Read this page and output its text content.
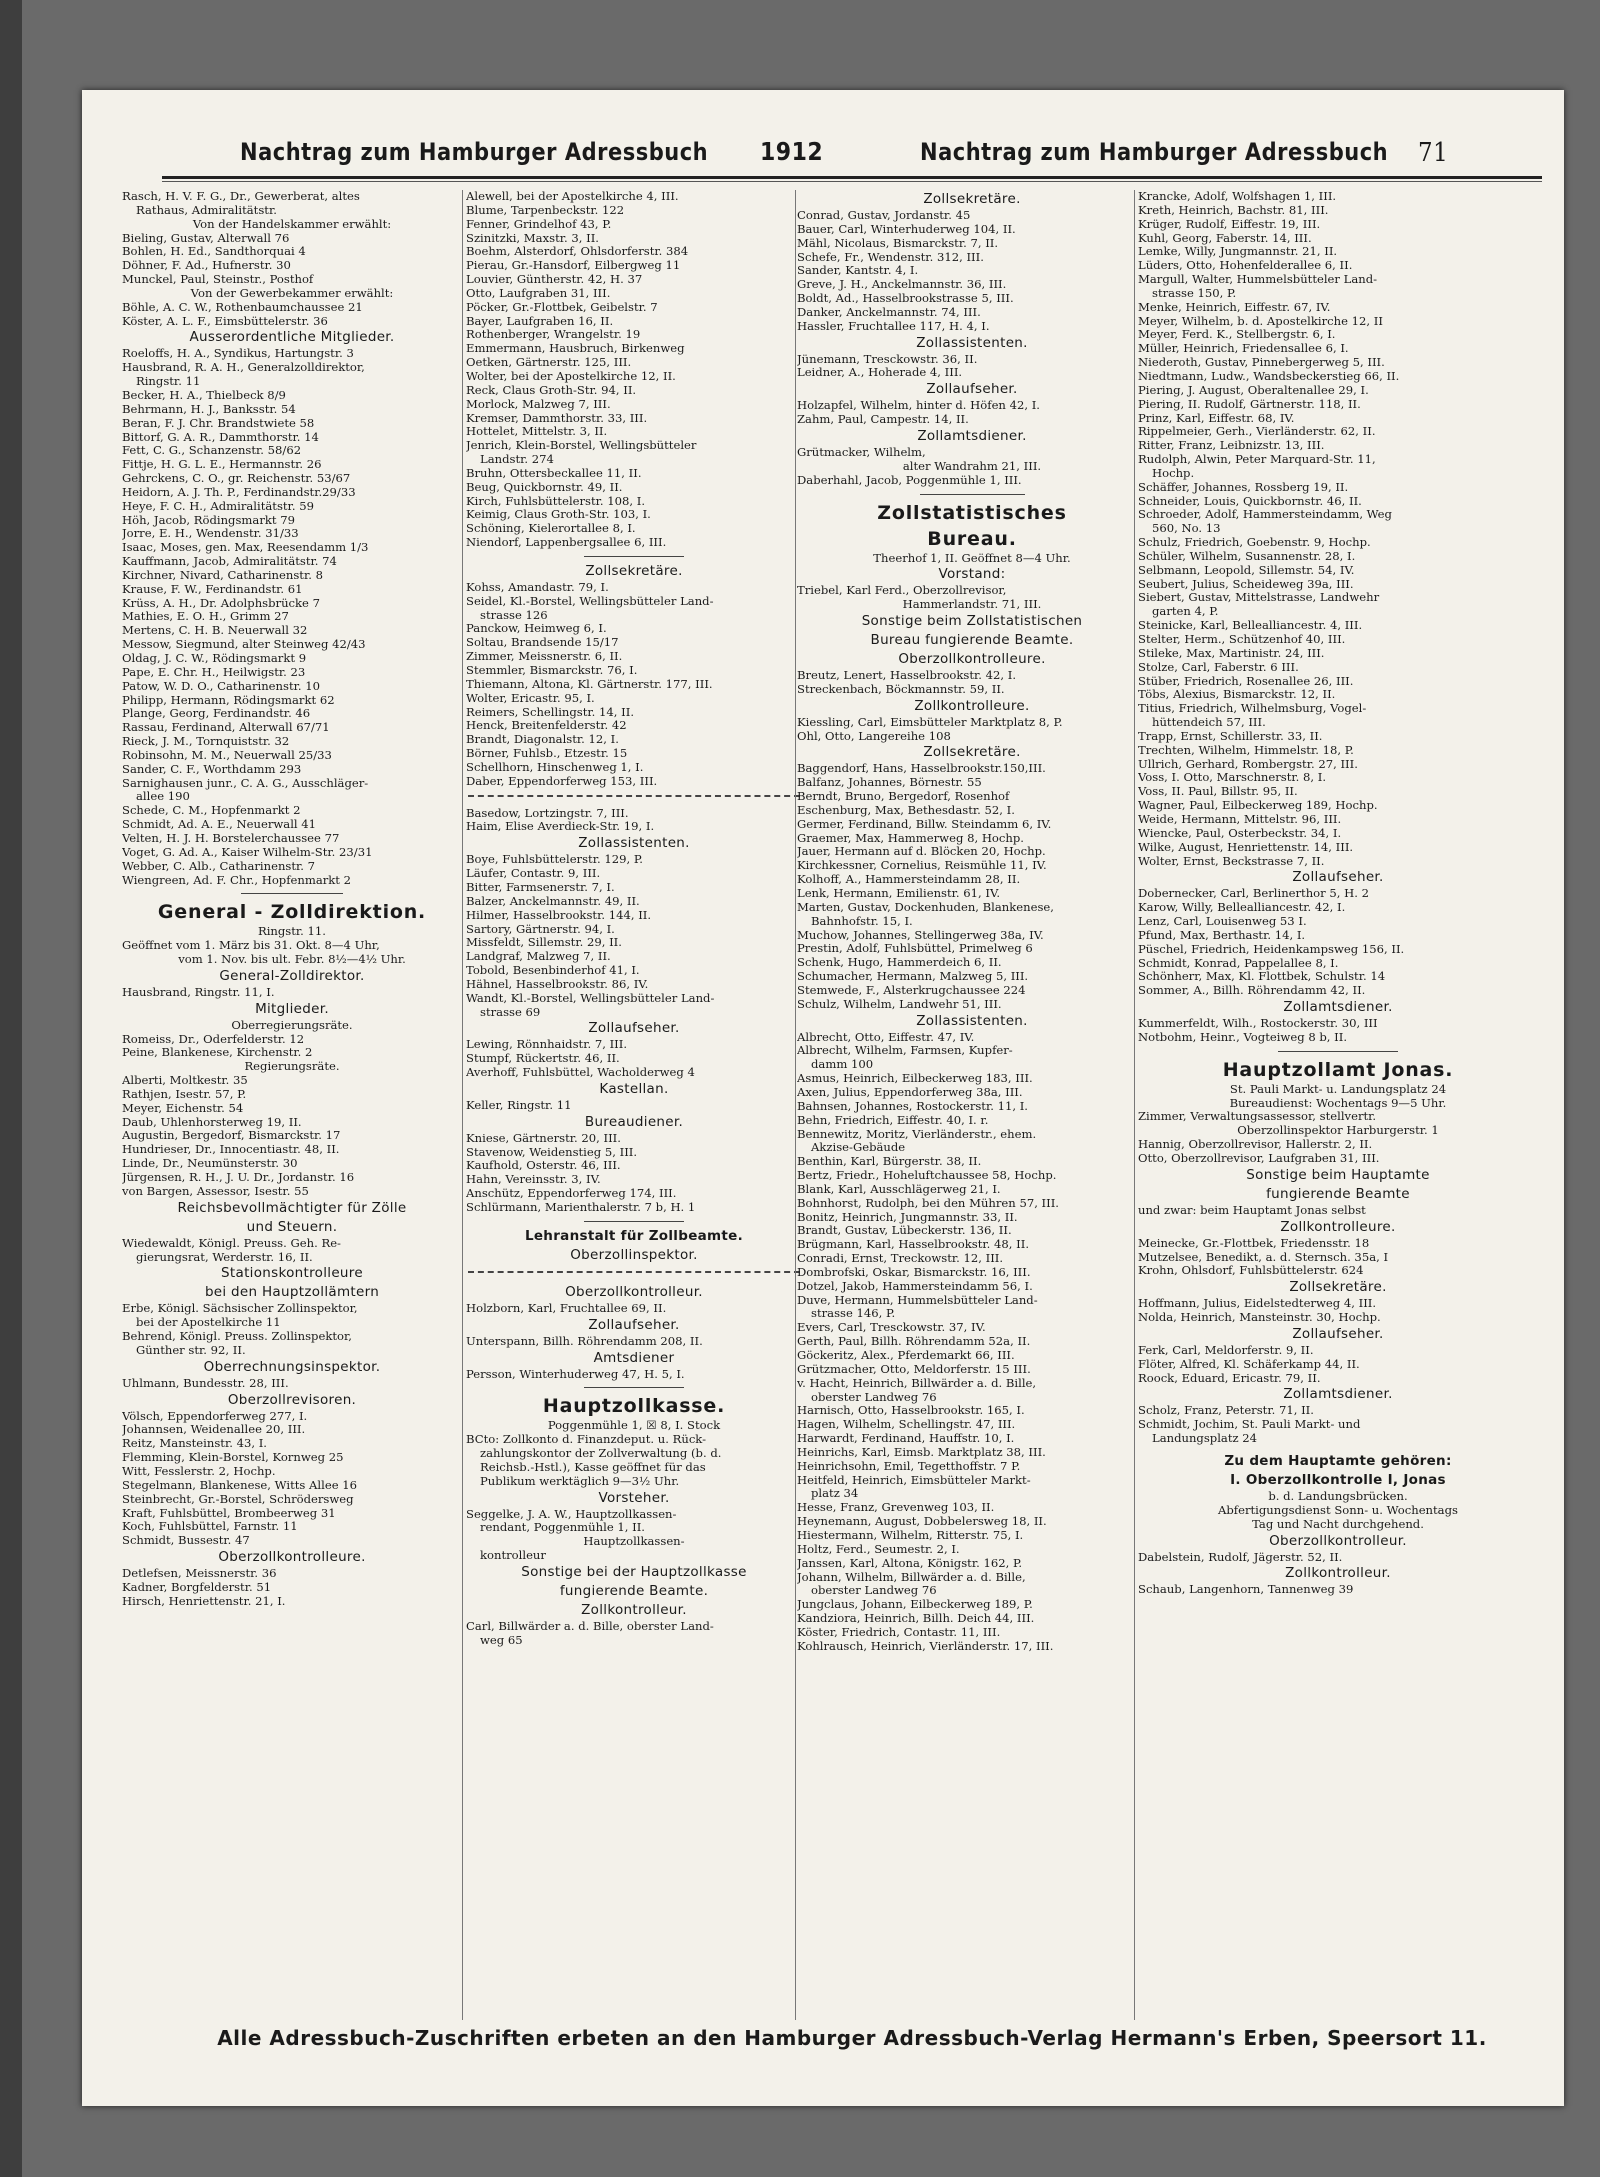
Nachtrag zum Hamburger Adressbuch 1912	Nachtrag zum Hamburger Adressbuch 71
Rasch, H. V. F. G., Dr., Gewerberat, altes
Rathaus, Admiralitätstr.
Von der Handelskammer erwählt:
Bieling, Gustav, Alterwall 76
Bohlen, H. Ed., Sandthorquai 4
Döhner, F. Ad., Hufnerstr. 30
Munckel, Paul, Steinstr., Posthof
Von der Gewerbekammer erwählt:
Böhle, A. C. W., Rothenbaumchaussee 21
Köster, A. L. F., Eimsbüttelerstr. 36
Ausserordentliche Mitglieder.
Roeloffs, H. A., Syndikus, Hartungstr. 3
Hausbrand, R. A. H., Generalzolldirektor,
Ringstr. 11
Becker, H. A., Thielbeck 8/9
Behrmann, H. J., Banksstr. 54
Beran, F. J. Chr. Brandstwiete 58
Bittorf, G. A. R., Dammthorstr. 14
Fett, C. G., Schanzenstr. 58/62
Fittje, H. G. L. E., Hermannstr. 26
Gehrckens, C. O., gr. Reichenstr. 53/67
Heidorn, A. J. Th. P., Ferdinandstr.29/33
Heye, F. C. H., Admiralitätstr. 59
Höh, Jacob, Rödingsmarkt 79
Jorre, E. H., Wendenstr. 31/33
Isaac, Moses, gen. Max, Reesendamm 1/3
Kauffmann, Jacob, Admiralitätstr. 74
Kirchner, Nivard, Catharinenstr. 8
Krause, F. W., Ferdinandstr. 61
Krüss, A. H., Dr. Adolphsbrücke 7
Mathies, E. O. H., Grimm 27
Mertens, C. H. B. Neuerwall 32
Messow, Siegmund, alter Steinweg 42/43
Oldag, J. C. W., Rödingsmarkt 9
Pape, E. Chr. H., Heilwigstr. 23
Patow, W. D. O., Catharinenstr. 10
Philipp, Hermann, Rödingsmarkt 62
Plange, Georg, Ferdinandstr. 46
Rassau, Ferdinand, Alterwall 67/71
Rieck, J. M., Tornquiststr. 32
Robinsohn, M. M., Neuerwall 25/33
Sander, C. F., Worthdamm 293
Sarnighausen junr., C. A. G., Ausschläger-
allee 190
Schede, C. M., Hopfenmarkt 2
Schmidt, Ad. A. E., Neuerwall 41
Velten, H. J. H. Borstelerchaussee 77
Voget, G. Ad. A., Kaiser Wilhelm-Str. 23/31
Webber, C. Alb., Catharinenstr. 7
Wiengreen, Ad. F. Chr., Hopfenmarkt 2
General - Zolldirektion.
Ringstr. 11.
Geöffnet vom 1. März bis 31. Okt. 8—4 Uhr,
vom 1. Nov. bis ult. Febr. 8½—4½ Uhr.
General-Zolldirektor.
Hausbrand, Ringstr. 11, I.
Mitglieder.
Oberregierungsräte.
Romeiss, Dr., Oderfelderstr. 12
Peine, Blankenese, Kirchenstr. 2
Regierungsräte.
Alberti, Moltkestr. 35
Rathjen, Isestr. 57, P.
Meyer, Eichenstr. 54
Daub, Uhlenhorsterweg 19, II.
Augustin, Bergedorf, Bismarckstr. 17
Hundrieser, Dr., Innocentiastr. 48, II.
Linde, Dr., Neumünsterstr. 30
Jürgensen, R. H., J. U. Dr., Jordanstr. 16
von Bargen, Assessor, Isestr. 55
Reichsbevollmächtigter für Zölle
und Steuern.
Wiedewaldt, Königl. Preuss. Geh. Re-
gierungsrat, Werderstr. 16, II.
Stationskontrolleure
bei den Hauptzollämtern
Erbe, Königl. Sächsischer Zollinspektor,
bei der Apostelkirche 11
Behrend, Königl. Preuss. Zollinspektor,
Günther str. 92, II.
Oberrechnungsinspektor.
Uhlmann, Bundesstr. 28, III.
Oberzollrevisoren.
Völsch, Eppendorferweg 277, I.
Johannsen, Weidenallee 20, III.
Reitz, Mansteinstr. 43, I.
Flemming, Klein-Borstel, Kornweg 25
Witt, Fesslerstr. 2, Hochp.
Stegelmann, Blankenese, Witts Allee 16
Steinbrecht, Gr.-Borstel, Schrödersweg
Kraft, Fuhlsbüttel, Brombeerweg 31
Koch, Fuhlsbüttel, Farnstr. 11
Schmidt, Bussestr. 47
Oberzollkontrolleure.
Detlefsen, Meissnerstr. 36
Kadner, Borgfelderstr. 51
Hirsch, Henriettenstr. 21, I.
Alewell, bei der Apostelkirche 4, III.
Blume, Tarpenbeckstr. 122
Fenner, Grindelhof 43, P.
Szinitzki, Maxstr. 3, II.
Boehm, Alsterdorf, Ohlsdorferstr. 384
Pierau, Gr.-Hansdorf, Eilbergweg 11
Louvier, Güntherstr. 42, H. 37
Otto, Laufgraben 31, III.
Pöcker, Gr.-Flottbek, Geibelstr. 7
Bayer, Laufgraben 16, II.
Rothenberger, Wrangelstr. 19
Emmermann, Hausbruch, Birkenweg
Oetken, Gärtnerstr. 125, III.
Wolter, bei der Apostelkirche 12, II.
Reck, Claus Groth-Str. 94, II.
Morlock, Malzweg 7, III.
Kremser, Dammthorstr. 33, III.
Hottelet, Mittelstr. 3, II.
Jenrich, Klein-Borstel, Wellingsbütteler
Landstr. 274
Bruhn, Ottersbeckallee 11, II.
Beug, Quickbornstr. 49, II.
Kirch, Fuhlsbüttelerstr. 108, I.
Keimig, Claus Groth-Str. 103, I.
Schöning, Kielerortallee 8, I.
Niendorf, Lappenbergsallee 6, III.
Zollsekretäre.
Kohss, Amandastr. 79, I.
Seidel, Kl.-Borstel, Wellingsbütteler Land-
strasse 126
Panckow, Heimweg 6, I.
Soltau, Brandsende 15/17
Zimmer, Meissnerstr. 6, II.
Stemmler, Bismarckstr. 76, I.
Thiemann, Altona, Kl. Gärtnerstr. 177, III.
Wolter, Ericastr. 95, I.
Reimers, Schellingstr. 14, II.
Henck, Breitenfelderstr. 42
Brandt, Diagonalstr. 12, I.
Börner, Fuhlsb., Etzestr. 15
Schellhorn, Hinschenweg 1, I.
Daber, Eppendorferweg 153, III.
Basedow, Lortzingstr. 7, III.
Haim, Elise Averdieck-Str. 19, I.
Zollassistenten.
Boye, Fuhlsbüttelerstr. 129, P.
Läufer, Contastr. 9, III.
Bitter, Farmsenerstr. 7, I.
Balzer, Anckelmannstr. 49, II.
Hilmer, Hasselbrookstr. 144, II.
Sartory, Gärtnerstr. 94, I.
Missfeldt, Sillemstr. 29, II.
Landgraf, Malzweg 7, II.
Tobold, Besenbinderhof 41, I.
Hähnel, Hasselbrookstr. 86, IV.
Wandt, Kl.-Borstel, Wellingsbütteler Land-
strasse 69
Zollaufseher.
Lewing, Rönnhaidstr. 7, III.
Stumpf, Rückertstr. 46, II.
Averhoff, Fuhlsbüttel, Wacholderweg 4
Kastellan.
Keller, Ringstr. 11
Bureaudiener.
Kniese, Gärtnerstr. 20, III.
Stavenow, Weidenstieg 5, III.
Kaufhold, Osterstr. 46, III.
Hahn, Vereinsstr. 3, IV.
Anschütz, Eppendorferweg 174, III.
Schlürmann, Marienthalerstr. 7 b, H. 1
Lehranstalt für Zollbeamte.
Oberzollinspektor.
Oberzollkontrolleur.
Holzborn, Karl, Fruchtallee 69, II.
Zollaufseher.
Unterspann, Billh. Röhrendamm 208, II.
Amtsdiener
Persson, Winterhuderweg 47, H. 5, I.
Hauptzollkasse.
Poggenmühle 1, ☒ 8, I. Stock
BCto: Zollkonto d. Finanzdeput. u. Rück-
zahlungskontor der Zollverwaltung (b. d.
Reichsb.-Hstl.), Kasse geöffnet für das
Publikum werktäglich 9—3½ Uhr.
Vorsteher.
Seggelke, J. A. W., Hauptzollkassen-
rendant, Poggenmühle 1, II.
Hauptzollkassen-
kontrolleur
Sonstige bei der Hauptzollkasse
fungierende Beamte.
Zollkontrolleur.
Carl, Billwärder a. d. Bille, oberster Land-
weg 65
Zollsekretäre.
Conrad, Gustav, Jordanstr. 45
Bauer, Carl, Winterhuderweg 104, II.
Mähl, Nicolaus, Bismarckstr. 7, II.
Schefe, Fr., Wendenstr. 312, III.
Sander, Kantstr. 4, I.
Greve, J. H., Anckelmannstr. 36, III.
Boldt, Ad., Hasselbrookstrasse 5, III.
Danker, Anckelmannstr. 74, III.
Hassler, Fruchtallee 117, H. 4, I.
Zollassistenten.
Jünemann, Tresckowstr. 36, II.
Leidner, A., Hoherade 4, III.
Zollaufseher.
Holzapfel, Wilhelm, hinter d. Höfen 42, I.
Zahm, Paul, Campestr. 14, II.
Zollamtsdiener.
Grütmacker, Wilhelm,
alter Wandrahm 21, III.
Daberhahl, Jacob, Poggenmühle 1, III.
Zollstatistisches
Bureau.
Theerhof 1, II. Geöffnet 8—4 Uhr.
Vorstand:
Triebel, Karl Ferd., Oberzollrevisor,
Hammerlandstr. 71, III.
Sonstige beim Zollstatistischen
Bureau fungierende Beamte.
Oberzollkontrolleure.
Breutz, Lenert, Hasselbrookstr. 42, I.
Streckenbach, Böckmannstr. 59, II.
Zollkontrolleure.
Kiessling, Carl, Eimsbütteler Marktplatz 8, P.
Ohl, Otto, Langereihe 108
Zollsekretäre.
Baggendorf, Hans, Hasselbrookstr.150,III.
Balfanz, Johannes, Börnestr. 55
Berndt, Bruno, Bergedorf, Rosenhof
Eschenburg, Max, Bethesdastr. 52, I.
Germer, Ferdinand, Billw. Steindamm 6, IV.
Graemer, Max, Hammerweg 8, Hochp.
Jauer, Hermann auf d. Blöcken 20, Hochp.
Kirchkessner, Cornelius, Reismühle 11, IV.
Kolhoff, A., Hammersteindamm 28, II.
Lenk, Hermann, Emilienstr. 61, IV.
Marten, Gustav, Dockenhuden, Blankenese,
Bahnhofstr. 15, I.
Muchow, Johannes, Stellingerweg 38a, IV.
Prestin, Adolf, Fuhlsbüttel, Primelweg 6
Schenk, Hugo, Hammerdeich 6, II.
Schumacher, Hermann, Malzweg 5, III.
Stemwede, F., Alsterkrugchaussee 224
Schulz, Wilhelm, Landwehr 51, III.
Zollassistenten.
Albrecht, Otto, Eiffestr. 47, IV.
Albrecht, Wilhelm, Farmsen, Kupfer-
damm 100
Asmus, Heinrich, Eilbeckerweg 183, III.
Axen, Julius, Eppendorferweg 38a, III.
Bahnsen, Johannes, Rostockerstr. 11, I.
Behn, Friedrich, Eiffestr. 40, I. r.
Bennewitz, Moritz, Vierländerstr., ehem.
Akzise-Gebäude
Benthin, Karl, Bürgerstr. 38, II.
Bertz, Friedr., Hoheluftchaussee 58, Hochp.
Blank, Karl, Ausschlägerweg 21, I.
Bohnhorst, Rudolph, bei den Mühren 57, III.
Bonitz, Heinrich, Jungmannstr. 33, II.
Brandt, Gustav, Lübeckerstr. 136, II.
Brügmann, Karl, Hasselbrookstr. 48, II.
Conradi, Ernst, Treckowstr. 12, III.
Dombrofski, Oskar, Bismarckstr. 16, III.
Dotzel, Jakob, Hammersteindamm 56, I.
Duve, Hermann, Hummelsbütteler Land-
strasse 146, P.
Evers, Carl, Tresckowstr. 37, IV.
Gerth, Paul, Billh. Röhrendamm 52a, II.
Göckeritz, Alex., Pferdemarkt 66, III.
Grützmacher, Otto, Meldorferstr. 15 III.
v. Hacht, Heinrich, Billwärder a. d. Bille,
oberster Landweg 76
Harnisch, Otto, Hasselbrookstr. 165, I.
Hagen, Wilhelm, Schellingstr. 47, III.
Harwardt, Ferdinand, Hauffstr. 10, I.
Heinrichs, Karl, Eimsb. Marktplatz 38, III.
Heinrichsohn, Emil, Tegetthoffstr. 7 P.
Heitfeld, Heinrich, Eimsbütteler Markt-
platz 34
Hesse, Franz, Grevenweg 103, II.
Heynemann, August, Dobbelersweg 18, II.
Hiestermann, Wilhelm, Ritterstr. 75, I.
Holtz, Ferd., Seumestr. 2, I.
Janssen, Karl, Altona, Königstr. 162, P.
Johann, Wilhelm, Billwärder a. d. Bille,
oberster Landweg 76
Jungclaus, Johann, Eilbeckerweg 189, P.
Kandziora, Heinrich, Billh. Deich 44, III.
Köster, Friedrich, Contastr. 11, III.
Kohlrausch, Heinrich, Vierländerstr. 17, III.
Krancke, Adolf, Wolfshagen 1, III.
Kreth, Heinrich, Bachstr. 81, III.
Krüger, Rudolf, Eiffestr. 19, III.
Kuhl, Georg, Faberstr. 14, III.
Lemke, Willy, Jungmannstr. 21, II.
Lüders, Otto, Hohenfelderallee 6, II.
Margull, Walter, Hummelsbütteler Land-
strasse 150, P.
Menke, Heinrich, Eiffestr. 67, IV.
Meyer, Wilhelm, b. d. Apostelkirche 12, II
Meyer, Ferd. K., Stellbergstr. 6, I.
Müller, Heinrich, Friedensallee 6, I.
Niederoth, Gustav, Pinnebergerweg 5, III.
Niedtmann, Ludw., Wandsbeckerstieg 66, II.
Piering, J. August, Oberaltenallee 29, I.
Piering, II. Rudolf, Gärtnerstr. 118, II.
Prinz, Karl, Eiffestr. 68, IV.
Rippelmeier, Gerh., Vierländerstr. 62, II.
Ritter, Franz, Leibnizstr. 13, III.
Rudolph, Alwin, Peter Marquard-Str. 11,
Hochp.
Schäffer, Johannes, Rossberg 19, II.
Schneider, Louis, Quickbornstr. 46, II.
Schroeder, Adolf, Hammersteindamm, Weg
560, No. 13
Schulz, Friedrich, Goebenstr. 9, Hochp.
Schüler, Wilhelm, Susannenstr. 28, I.
Selbmann, Leopold, Sillemstr. 54, IV.
Seubert, Julius, Scheideweg 39a, III.
Siebert, Gustav, Mittelstrasse, Landwehr
garten 4, P.
Steinicke, Karl, Belleallianсestr. 4, III.
Stelter, Herm., Schützenhof 40, III.
Stileke, Max, Martinistr. 24, III.
Stolze, Carl, Faberstr. 6 III.
Stüber, Friedrich, Rosenallee 26, III.
Töbs, Alexius, Bismarckstr. 12, II.
Titius, Friedrich, Wilhelmsburg, Vogel-
hüttendeich 57, III.
Trapp, Ernst, Schillerstr. 33, II.
Trechten, Wilhelm, Himmelstr. 18, P.
Ullrich, Gerhard, Rombergstr. 27, III.
Voss, I. Otto, Marschnerstr. 8, I.
Voss, II. Paul, Billstr. 95, II.
Wagner, Paul, Eilbeckerweg 189, Hochp.
Weide, Hermann, Mittelstr. 96, III.
Wiencke, Paul, Osterbeckstr. 34, I.
Wilke, August, Henriettenstr. 14, III.
Wolter, Ernst, Beckstrasse 7, II.
Zollaufseher.
Dobernecker, Carl, Berlinerthor 5, H. 2
Karow, Willy, Bellealliancestr. 42, I.
Lenz, Carl, Louisenweg 53 I.
Pfund, Max, Berthastr. 14, I.
Püschel, Friedrich, Heidenkampsweg 156, II.
Schmidt, Konrad, Pappelallee 8, I.
Schönherr, Max, Kl. Flottbek, Schulstr. 14
Sommer, A., Billh. Röhrendamm 42, II.
Zollamtsdiener.
Kummerfeldt, Wilh., Rostockerstr. 30, III
Notbohm, Heinr., Vogteiweg 8 b, II.
Hauptzollamt Jonas.
St. Pauli Markt- u. Landungsplatz 24
Bureaudienst: Wochentags 9—5 Uhr.
Zimmer, Verwaltungsassessor, stellvertr.
Oberzollinspektor Harburgerstr. 1
Hannig, Oberzollrevisor, Hallerstr. 2, II.
Otto, Oberzollrevisor, Laufgraben 31, III.
Sonstige beim Hauptamte
fungierende Beamte
und zwar: beim Hauptamt Jonas selbst
Zollkontrolleure.
Meinecke, Gr.-Flottbek, Friedensstr. 18
Mutzelsee, Benedikt, a. d. Sternsch. 35a, I
Krohn, Ohlsdorf, Fuhlsbüttelerstr. 624
Zollsekretäre.
Hoffmann, Julius, Eidelstedterweg 4, III.
Nolda, Heinrich, Mansteinstr. 30, Hochp.
Zollaufseher.
Ferk, Carl, Meldorferstr. 9, II.
Flöter, Alfred, Kl. Schäferkamp 44, II.
Roock, Eduard, Ericastr. 79, II.
Zollamtsdiener.
Scholz, Franz, Peterstr. 71, II.
Schmidt, Jochim, St. Pauli Markt- und
Landungsplatz 24
Zu dem Hauptamte gehören:
I. Oberzollkontrolle I, Jonas
b. d. Landungsbrücken.
Abfertigungsdienst Sonn- u. Wochentags
Tag und Nacht durchgehend.
Oberzollkontrolleur.
Dabelstein, Rudolf, Jägerstr. 52, II.
Zollkontrolleur.
Schaub, Langenhorn, Tannenweg 39
Alle Adressbuch-Zuschriften erbeten an den Hamburger Adressbuch-Verlag Hermann's Erben, Speersort 11.
